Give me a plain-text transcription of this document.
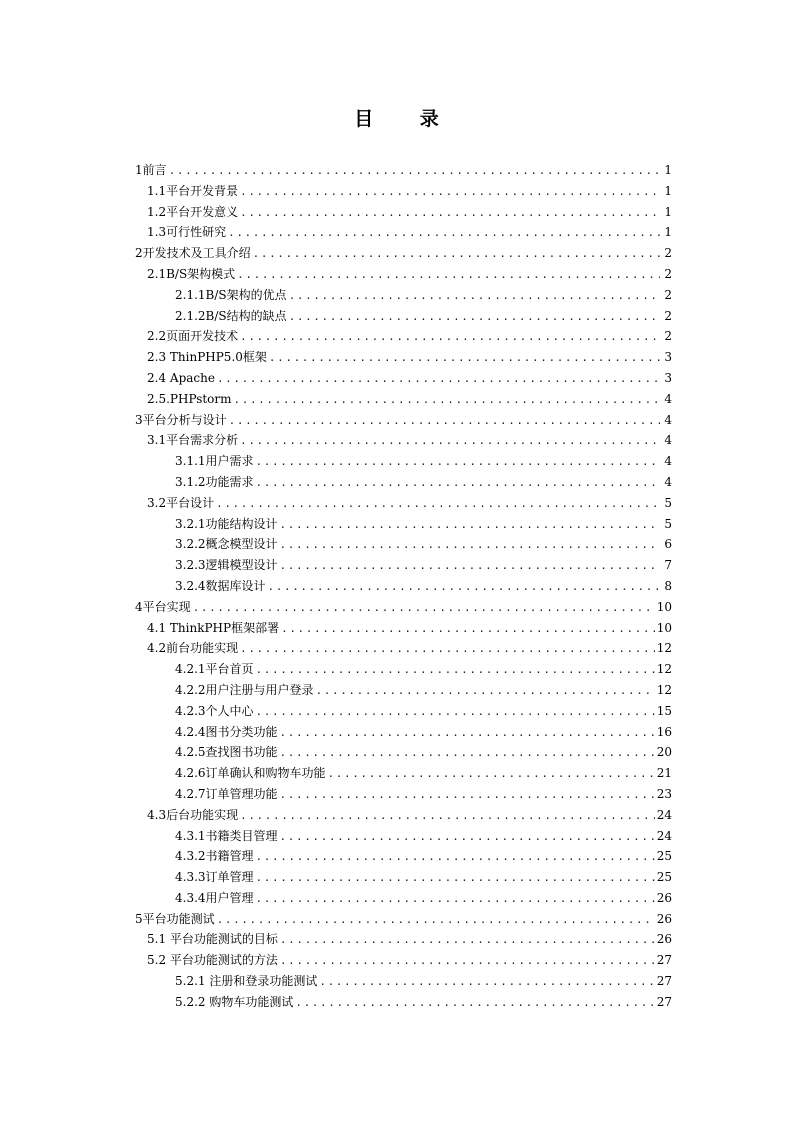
目 录
1前言 .....	1
1.1平台开发背景 .....	1
1.2平台开发意义 .....	1
1.3可行性研究 .....	1
2开发技术及工具介绍 .....	2
2.1B/S架构模式 .....	2
2.1.1B/S架构的优点 .....	2
2.1.2B/S结构的缺点 .....	2
2.2页面开发技术 .....	2
2.3 ThinPHP5.0框架 .....	3
2.4 Apache .....	3
2.5.PHPstorm .....	4
3平台分析与设计 .....	4
3.1平台需求分析 .....	4
3.1.1用户需求 .....	4
3.1.2功能需求 .....	4
3.2平台设计 .....	5
3.2.1功能结构设计 .....	5
3.2.2概念模型设计 .....	6
3.2.3逻辑模型设计 .....	7
3.2.4数据库设计 .....	8
4平台实现 .....	10
4.1 ThinkPHP框架部署 .....	10
4.2前台功能实现 .....	12
4.2.1平台首页 .....	12
4.2.2用户注册与用户登录 .....	12
4.2.3个人中心 .....	15
4.2.4图书分类功能 .....	16
4.2.5查找图书功能 .....	20
4.2.6订单确认和购物车功能 .....	21
4.2.7订单管理功能 .....	23
4.3后台功能实现 .....	24
4.3.1书籍类目管理 .....	24
4.3.2书籍管理 .....	25
4.3.3订单管理 .....	25
4.3.4用户管理 .....	26
5平台功能测试 .....	26
5.1 平台功能测试的目标 .....	26
5.2 平台功能测试的方法 .....	27
5.2.1 注册和登录功能测试 .....	27
5.2.2 购物车功能测试 .....	27
